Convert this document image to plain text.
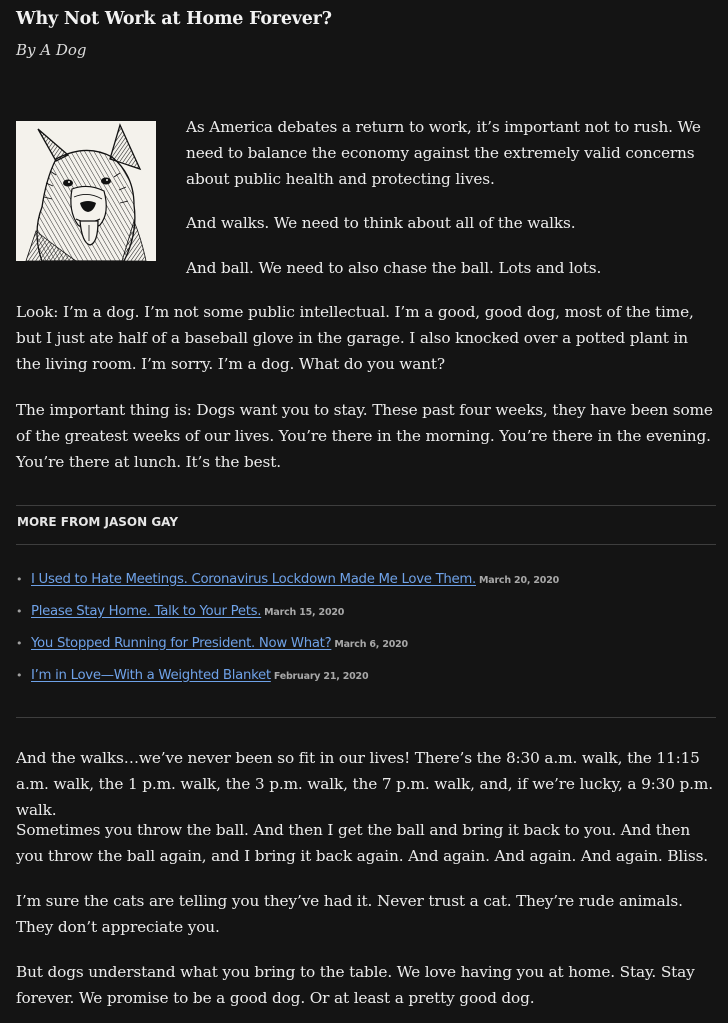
Why Not Work at Home Forever?

By A Dog

As America debates a return to work, it’s important not to rush. We need to balance the economy against the extremely valid concerns about public health and protecting lives.

And walks. We need to think about all of the walks.

And ball. We need to also chase the ball. Lots and lots.

Look: I’m a dog. I’m not some public intellectual. I’m a good, good dog, most of the time, but I just ate half of a baseball glove in the garage. I also knocked over a potted plant in the living room. I’m sorry. I’m a dog. What do you want?

The important thing is: Dogs want you to stay. These past four weeks, they have been some of the greatest weeks of our lives. You’re there in the morning. You’re there in the evening. You’re there at lunch. It’s the best.

MORE FROM JASON GAY

• I Used to Hate Meetings. Coronavirus Lockdown Made Me Love Them. March 20, 2020
• Please Stay Home. Talk to Your Pets. March 15, 2020
• You Stopped Running for President. Now What? March 6, 2020
• I’m in Love—With a Weighted Blanket February 21, 2020

And the walks…we’ve never been so fit in our lives! There’s the 8:30 a.m. walk, the 11:15 a.m. walk, the 1 p.m. walk, the 3 p.m. walk, the 7 p.m. walk, and, if we’re lucky, a 9:30 p.m. walk.

Sometimes you throw the ball. And then I get the ball and bring it back to you. And then you throw the ball again, and I bring it back again. And again. And again. And again. Bliss.

I’m sure the cats are telling you they’ve had it. Never trust a cat. They’re rude animals. They don’t appreciate you.

But dogs understand what you bring to the table. We love having you at home. Stay. Stay forever. We promise to be a good dog. Or at least a pretty good dog.
